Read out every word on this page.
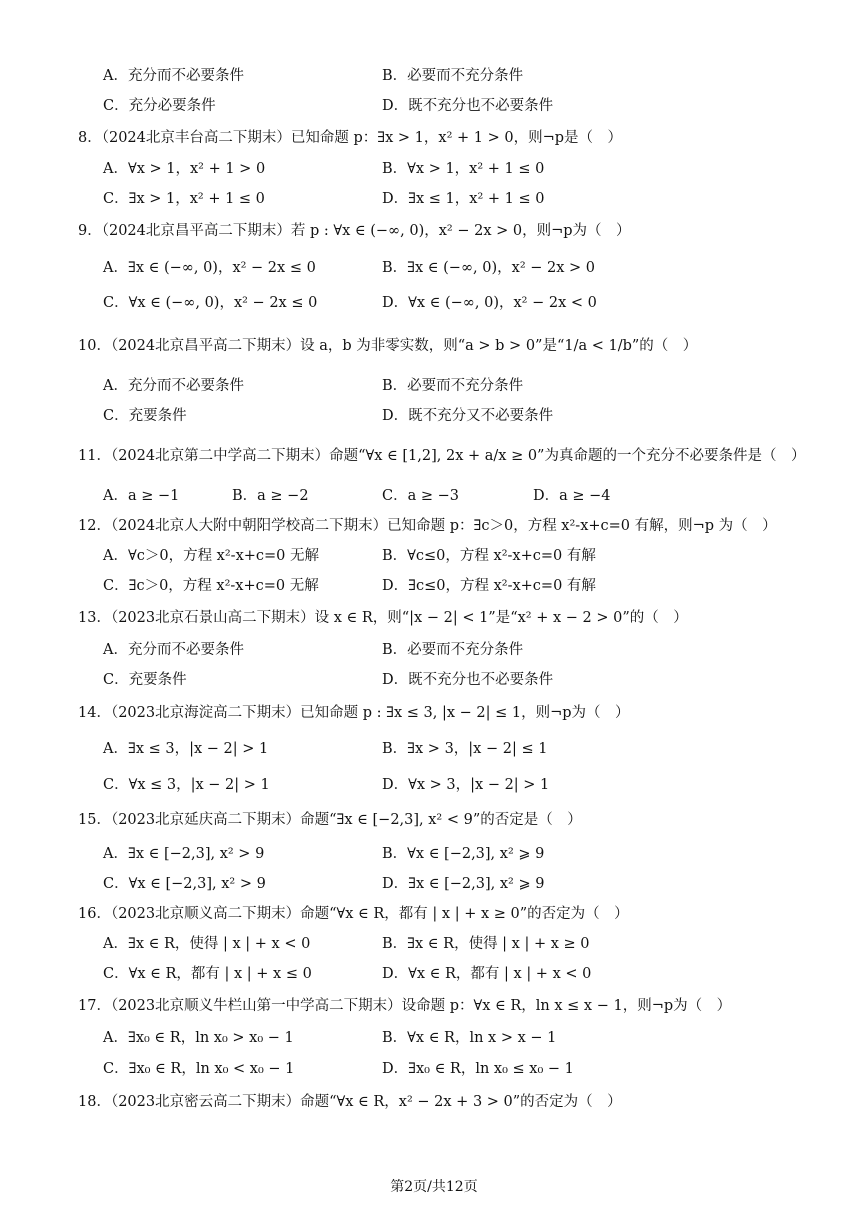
A．充分而不必要条件	B．必要而不充分条件
C．充分必要条件	D．既不充分也不必要条件
8．（2024北京丰台高二下期末）已知命题 p：∃x > 1，x² + 1 > 0，则¬p是（　）
A．∀x > 1，x² + 1 > 0	B．∀x > 1，x² + 1 ≤ 0
C．∃x > 1，x² + 1 ≤ 0	D．∃x ≤ 1，x² + 1 ≤ 0
9．（2024北京昌平高二下期末）若 p : ∀x ∈ (−∞, 0)，x² − 2x > 0，则¬p为（　）
A．∃x ∈ (−∞, 0)，x² − 2x ≤ 0	B．∃x ∈ (−∞, 0)，x² − 2x > 0
C．∀x ∈ (−∞, 0)，x² − 2x ≤ 0	D．∀x ∈ (−∞, 0)，x² − 2x < 0
10．（2024北京昌平高二下期末）设 a，b 为非零实数，则“a > b > 0”是“1/a < 1/b”的（　）
A．充分而不必要条件	B．必要而不充分条件
C．充要条件	D．既不充分又不必要条件
11．（2024北京第二中学高二下期末）命题“∀x ∈ [1,2], 2x + a/x ≥ 0”为真命题的一个充分不必要条件是（　）
A．a ≥ −1	B．a ≥ −2	C．a ≥ −3	D．a ≥ −4
12．（2024北京人大附中朝阳学校高二下期末）已知命题 p：∃c＞0，方程 x²-x+c=0 有解，则¬p 为（　）
A．∀c＞0，方程 x²-x+c=0 无解	B．∀c≤0，方程 x²-x+c=0 有解
C．∃c＞0，方程 x²-x+c=0 无解	D．∃c≤0，方程 x²-x+c=0 有解
13．（2023北京石景山高二下期末）设 x ∈ R，则“|x − 2| < 1”是“x² + x − 2 > 0”的（　）
A．充分而不必要条件	B．必要而不充分条件
C．充要条件	D．既不充分也不必要条件
14．（2023北京海淀高二下期末）已知命题 p : ∃x ≤ 3, |x − 2| ≤ 1，则¬p为（　）
A．∃x ≤ 3，|x − 2| > 1	B．∃x > 3，|x − 2| ≤ 1
C．∀x ≤ 3，|x − 2| > 1	D．∀x > 3，|x − 2| > 1
15．（2023北京延庆高二下期末）命题“∃x ∈ [−2,3], x² < 9”的否定是（　）
A．∃x ∈ [−2,3], x² > 9	B．∀x ∈ [−2,3], x² ⩾ 9
C．∀x ∈ [−2,3], x² > 9	D．∃x ∈ [−2,3], x² ⩾ 9
16．（2023北京顺义高二下期末）命题“∀x ∈ R，都有 | x | + x ≥ 0”的否定为（　）
A．∃x ∈ R，使得 | x | + x < 0	B．∃x ∈ R，使得 | x | + x ≥ 0
C．∀x ∈ R，都有 | x | + x ≤ 0	D．∀x ∈ R，都有 | x | + x < 0
17．（2023北京顺义牛栏山第一中学高二下期末）设命题 p：∀x ∈ R，ln x ≤ x − 1，则¬p为（　）
A．∃x₀ ∈ R，ln x₀ > x₀ − 1	B．∀x ∈ R，ln x > x − 1
C．∃x₀ ∈ R，ln x₀ < x₀ − 1	D．∃x₀ ∈ R，ln x₀ ≤ x₀ − 1
18．（2023北京密云高二下期末）命题“∀x ∈ R，x² − 2x + 3 > 0”的否定为（　）
第2页/共12页
